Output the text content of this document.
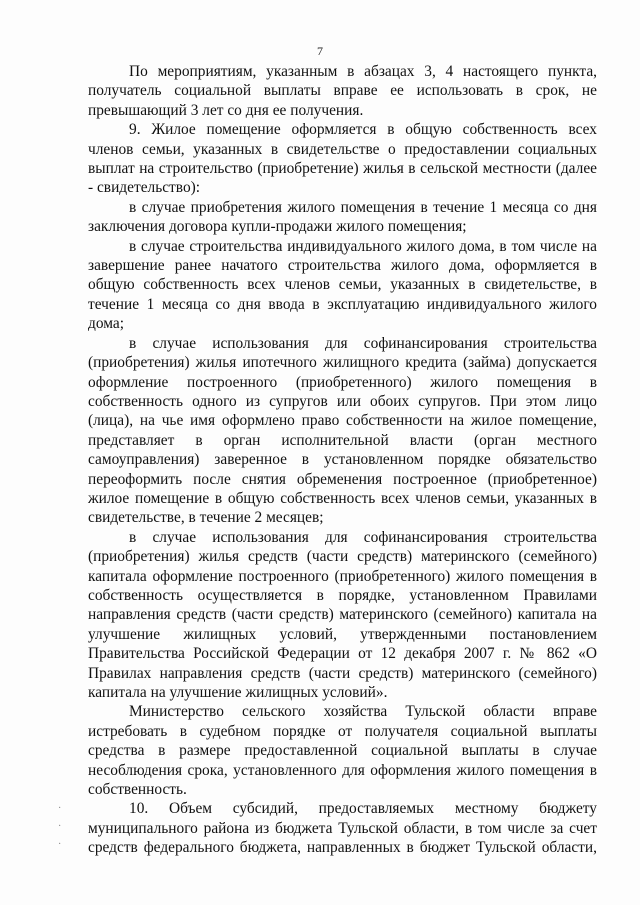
7

По мероприятиям, указанным в абзацах 3, 4 настоящего пункта, получатель социальной выплаты вправе ее использовать в срок, не превышающий 3 лет со дня ее получения.

9. Жилое помещение оформляется в общую собственность всех членов семьи, указанных в свидетельстве о предоставлении социальных выплат на строительство (приобретение) жилья в сельской местности (далее - свидетельство):

в случае приобретения жилого помещения в течение 1 месяца со дня заключения договора купли-продажи жилого помещения;

в случае строительства индивидуального жилого дома, в том числе на завершение ранее начатого строительства жилого дома, оформляется в общую собственность всех членов семьи, указанных в свидетельстве, в течение 1 месяца со дня ввода в эксплуатацию индивидуального жилого дома;

в случае использования для софинансирования строительства (приобретения) жилья ипотечного жилищного кредита (займа) допускается оформление построенного (приобретенного) жилого помещения в собственность одного из супругов или обоих супругов. При этом лицо (лица), на чье имя оформлено право собственности на жилое помещение, представляет в орган исполнительной власти (орган местного самоуправления) заверенное в установленном порядке обязательство переоформить после снятия обременения построенное (приобретенное) жилое помещение в общую собственность всех членов семьи, указанных в свидетельстве, в течение 2 месяцев;

в случае использования для софинансирования строительства (приобретения) жилья средств (части средств) материнского (семейного) капитала оформление построенного (приобретенного) жилого помещения в собственность осуществляется в порядке, установленном Правилами направления средств (части средств) материнского (семейного) капитала на улучшение жилищных условий, утвержденными постановлением Правительства Российской Федерации от 12 декабря 2007 г. № 862 «О Правилах направления средств (части средств) материнского (семейного) капитала на улучшение жилищных условий».

Министерство сельского хозяйства Тульской области вправе истребовать в судебном порядке от получателя социальной выплаты средства в размере предоставленной социальной выплаты в случае несоблюдения срока, установленного для оформления жилого помещения в собственность.

10. Объем субсидий, предоставляемых местному бюджету муниципального района из бюджета Тульской области, в том числе за счет средств федерального бюджета, направленных в бюджет Тульской области,

·
·
·
